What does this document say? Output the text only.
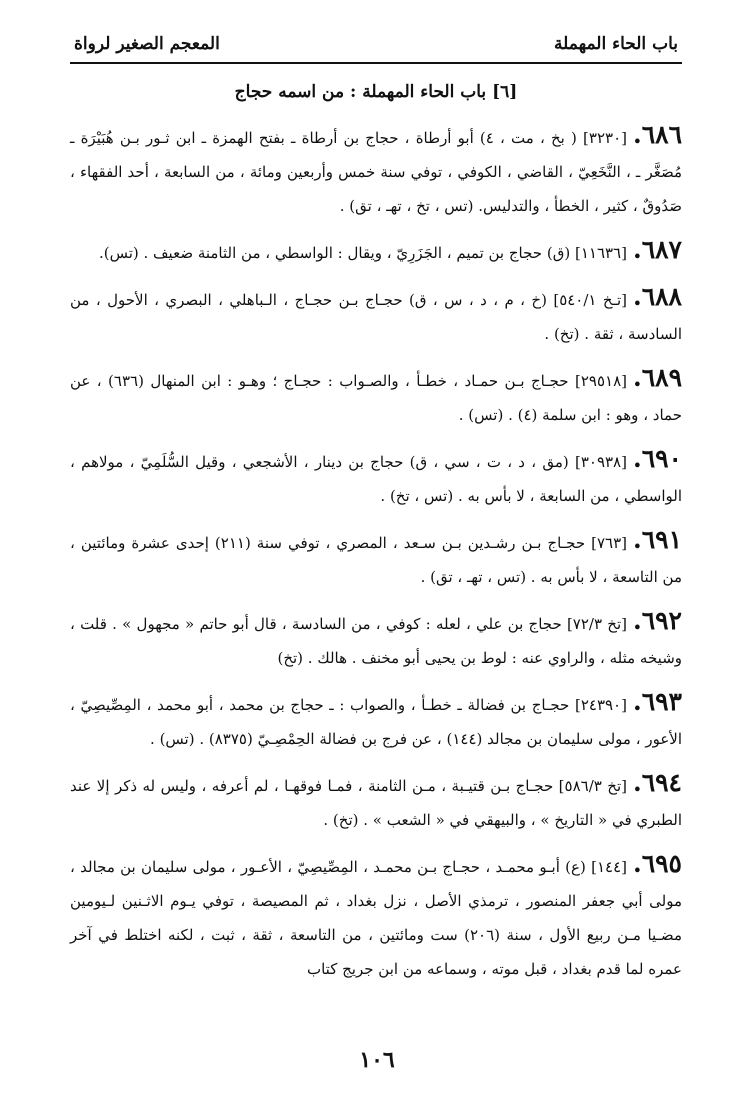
باب الحاء المهملة
المعجم الصغير لرواة
[٦] باب الحاء المهملة : من اسمه حجاج

٦٨٦.[٣٢٣٠] ( بخ ، مت ، ٤) أبو أرطاة ، حجاج بن أرطاة ـ بفتح الهمزة ـ ابن ثـور بـن هُبَيْرَة ـ مُصَغَّر ـ ، النَّخَعِيّ ، القاضي ، الكوفي ، توفي سنة خمس وأربعين ومائة ، من السابعة ، أحد الفقهاء ، صَدُوقٌ ، كثير ، الخطأ ، والتدليس. (تس ، تخ ، تهـ ، تق) .

٦٨٧.[١١٦٣٦] (ق) حجاج بن تميم ، الجَزَرِيّ ، ويقال : الواسطي ، من الثامنة ضعيف . (تس).

٦٨٨.[تـخ ٥٤٠/١] (خ ، م ، د ، س ، ق) حجـاج بـن حجـاج ، الـباهلي ، البصري ، الأحول ، من السادسة ، ثقة . (تخ) .

٦٨٩.[٢٩٥١٨] حجـاج بـن حمـاد ، خطـأ ، والصـواب : حجـاج ؛ وهـو : ابن المنهال (٦٣٦) ، عن حماد ، وهو : ابن سلمة (٤) . (تس) .

٦٩٠.[٣٠٩٣٨] (مق ، د ، ت ، سي ، ق) حجاج بن دينار ، الأشجعي ، وقيل السُّلَمِيّ ، مولاهم ، الواسطي ، من السابعة ، لا بأس به . (تس ، تخ) .

٦٩١.[٧٦٣] حجـاج بـن رشـدين بـن سـعد ، المصري ، توفي سنة (٢١١) إحدى عشرة ومائتين ، من التاسعة ، لا بأس به . (تس ، تهـ ، تق) .

٦٩٢.[تخ ٧٢/٣] حجاج بن علي ، لعله : كوفي ، من السادسة ، قال أبو حاتم « مجهول » . قلت ، وشيخه مثله ، والراوي عنه : لوط بن يحيى أبو مخنف . هالك . (تخ)

٦٩٣.[٢٤٣٩٠] حجـاج بن فضالة ـ خطـأ ، والصواب : ـ حجاج بن محمد ، أبو محمد ، المِصِّيصِيّ ، الأعور ، مولى سليمان بن مجالد (١٤٤) ، عن فرج بن فضالة الحِمْصِـيّ (٨٣٧٥) . (تس) .

٦٩٤.[تخ ٥٨٦/٣] حجـاج بـن قتيـبة ، مـن الثامنة ، فمـا فوقهـا ، لم أعرفه ، وليس له ذكر إلا عند الطبري في « التاريخ » ، والبيهقي في « الشعب » . (تخ) .

٦٩٥.[١٤٤] (ع) أبـو محمـد ، حجـاج بـن محمـد ، المِصِّيصِيّ ، الأعـور ، مولى سليمان بن مجالد ، مولى أبي جعفر المنصور ، ترمذي الأصل ، نزل بغداد ، ثم المصيصة ، توفي يـوم الاثـنين لـيومين مضـيا مـن ربيع الأول ، سنة (٢٠٦) ست ومائتين ، من التاسعة ، ثقة ، ثبت ، لكنه اختلط في آخر عمره لما قدم بغداد ، قبل موته ، وسماعه من ابن جريج كتاب

١٠٦
